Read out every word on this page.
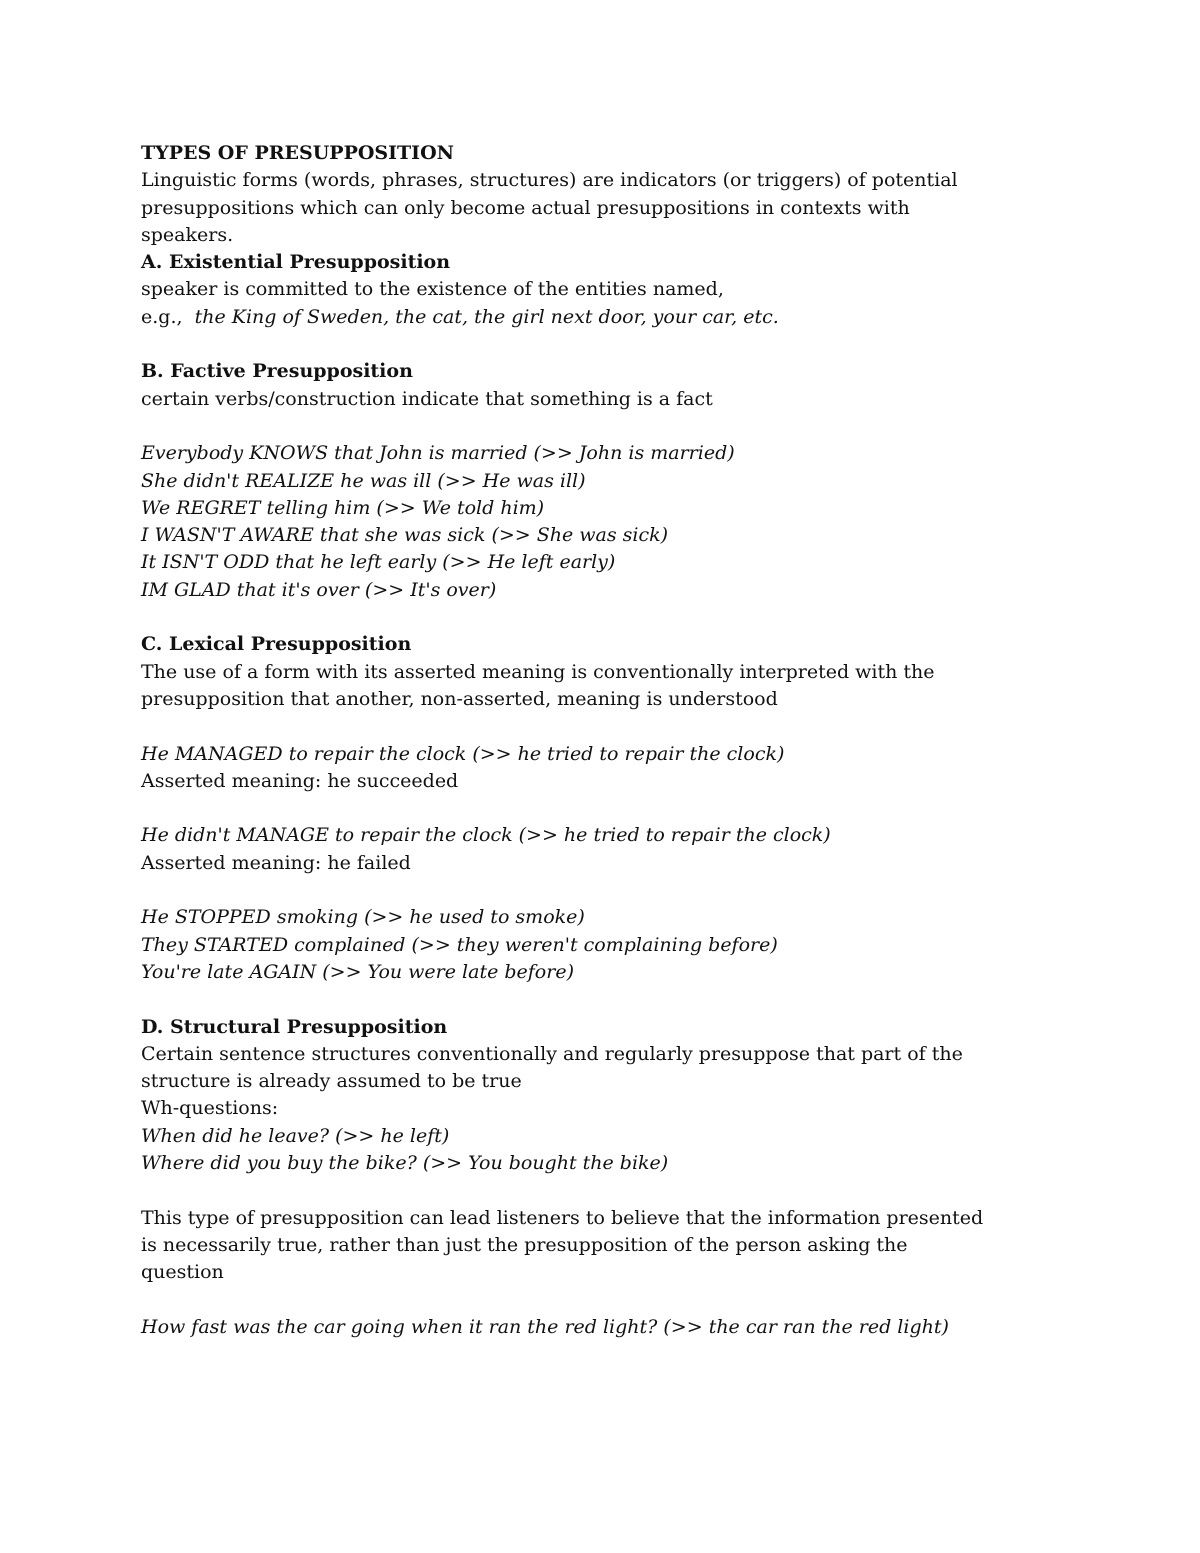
TYPES OF PRESUPPOSITION
Linguistic forms (words, phrases, structures) are indicators (or triggers) of potential
presuppositions which can only become actual presuppositions in contexts with
speakers.
A. Existential Presupposition
speaker is committed to the existence of the entities named,
e.g., the King of Sweden, the cat, the girl next door, your car, etc.
B. Factive Presupposition
certain verbs/construction indicate that something is a fact
Everybody KNOWS that John is married (>> John is married)
She didn't REALIZE he was ill (>> He was ill)
We REGRET telling him (>> We told him)
I WASN'T AWARE that she was sick (>> She was sick)
It ISN'T ODD that he left early (>> He left early)
IM GLAD that it's over (>> It's over)
C. Lexical Presupposition
The use of a form with its asserted meaning is conventionally interpreted with the
presupposition that another, non-asserted, meaning is understood
He MANAGED to repair the clock (>> he tried to repair the clock)
Asserted meaning: he succeeded
He didn't MANAGE to repair the clock (>> he tried to repair the clock)
Asserted meaning: he failed
He STOPPED smoking (>> he used to smoke)
They STARTED complained (>> they weren't complaining before)
You're late AGAIN (>> You were late before)
D. Structural Presupposition
Certain sentence structures conventionally and regularly presuppose that part of the
structure is already assumed to be true
Wh-questions:
When did he leave? (>> he left)
Where did you buy the bike? (>> You bought the bike)
This type of presupposition can lead listeners to believe that the information presented
is necessarily true, rather than just the presupposition of the person asking the
question
How fast was the car going when it ran the red light? (>> the car ran the red light)
